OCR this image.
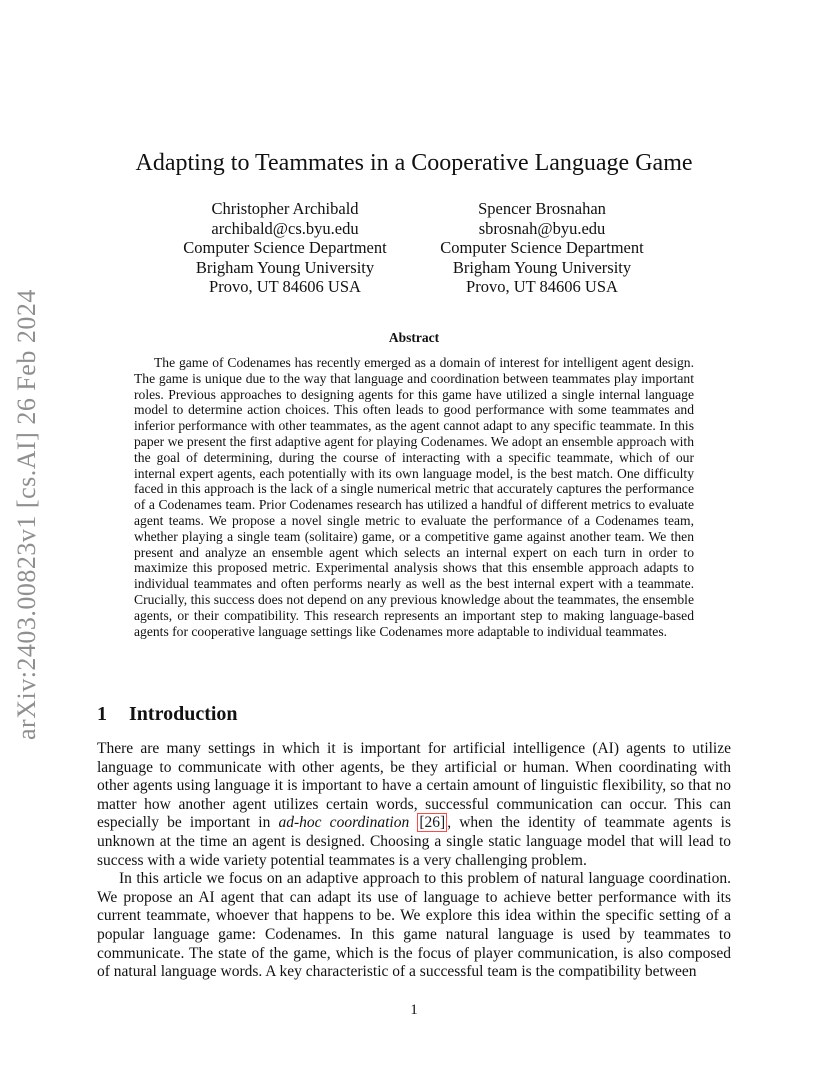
arXiv:2403.00823v1 [cs.AI] 26 Feb 2024
Adapting to Teammates in a Cooperative Language Game
Christopher Archibald
archibald@cs.byu.edu
Computer Science Department
Brigham Young University
Provo, UT 84606 USA
Spencer Brosnahan
sbrosnah@byu.edu
Computer Science Department
Brigham Young University
Provo, UT 84606 USA
Abstract

The game of Codenames has recently emerged as a domain of interest for intelligent agent design. The game is unique due to the way that language and coordination between teammates play important roles. Previous approaches to designing agents for this game have utilized a single internal language model to determine action choices. This often leads to good performance with some teammates and inferior performance with other teammates, as the agent cannot adapt to any specific teammate. In this paper we present the first adaptive agent for playing Codenames. We adopt an ensemble approach with the goal of determining, during the course of interacting with a specific teammate, which of our internal expert agents, each potentially with its own language model, is the best match. One difficulty faced in this approach is the lack of a single numerical metric that accurately captures the performance of a Codenames team. Prior Codenames research has utilized a handful of different metrics to evaluate agent teams. We propose a novel single metric to evaluate the performance of a Codenames team, whether playing a single team (solitaire) game, or a competitive game against another team. We then present and analyze an ensemble agent which selects an internal expert on each turn in order to maximize this proposed metric. Experimental analysis shows that this ensemble approach adapts to individual teammates and often performs nearly as well as the best internal expert with a teammate. Crucially, this success does not depend on any previous knowledge about the teammates, the ensemble agents, or their compatibility. This research represents an important step to making language-based agents for cooperative language settings like Codenames more adaptable to individual teammates.

1 Introduction

There are many settings in which it is important for artificial intelligence (AI) agents to utilize language to communicate with other agents, be they artificial or human. When coordinating with other agents using language it is important to have a certain amount of linguistic flexibility, so that no matter how another agent utilizes certain words, successful communication can occur. This can especially be important in ad-hoc coordination [26] , when the identity of teammate agents is unknown at the time an agent is designed. Choosing a single static language model that will lead to success with a wide variety potential teammates is a very challenging problem.

In this article we focus on an adaptive approach to this problem of natural language coordination. We propose an AI agent that can adapt its use of language to achieve better performance with its current teammate, whoever that happens to be. We explore this idea within the specific setting of a popular language game: Codenames. In this game natural language is used by teammates to communicate. The state of the game, which is the focus of player communication, is also composed of natural language words. A key characteristic of a successful team is the compatibility between

1
